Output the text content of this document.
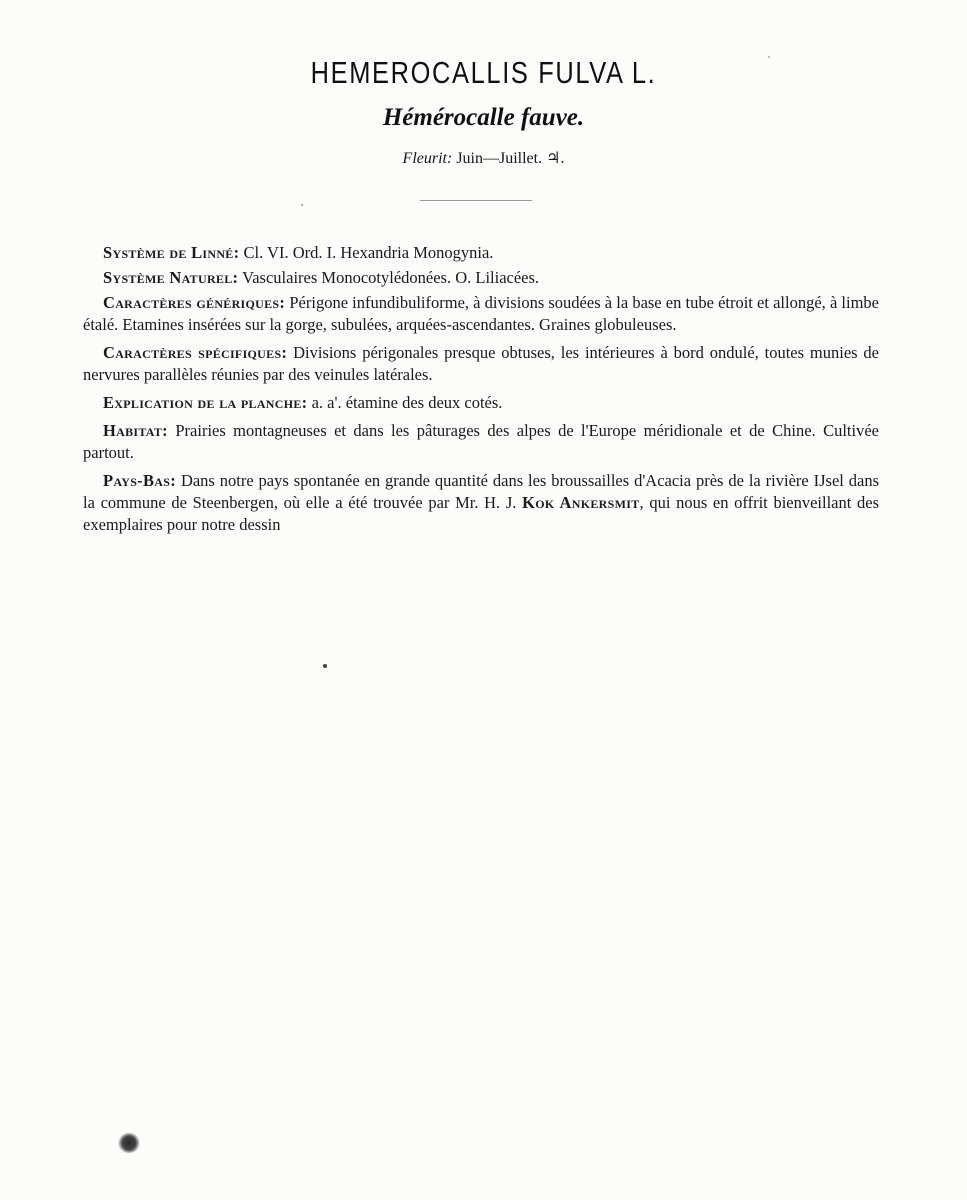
HEMEROCALLIS FULVA L.
Hémérocalle fauve.
Fleurit: Juin—Juillet. ♃.

Système de Linné: Cl. VI. Ord. I. Hexandria Monogynia.

Système Naturel: Vasculaires Monocotylédonées. O. Liliacées.

Caractères génériques: Périgone infundibuliforme, à divisions soudées à la base en tube étroit et allongé, à limbe étalé. Etamines insérées sur la gorge, subulées, arquées-ascendantes. Graines globuleuses.

Caractères spécifiques: Divisions périgonales presque obtuses, les intérieures à bord ondulé, toutes munies de nervures parallèles réunies par des veinules latérales.

Explication de la planche: a. a'. étamine des deux cotés.

Habitat: Prairies montagneuses et dans les pâturages des alpes de l'Europe méridionale et de Chine. Cultivée partout.

Pays-Bas: Dans notre pays spontanée en grande quantité dans les broussailles d'Acacia près de la rivière IJsel dans la commune de Steenbergen, où elle a été trouvée par Mr. H. J. Kok Ankersmit, qui nous en offrit bienveillant des exemplaires pour notre dessin
